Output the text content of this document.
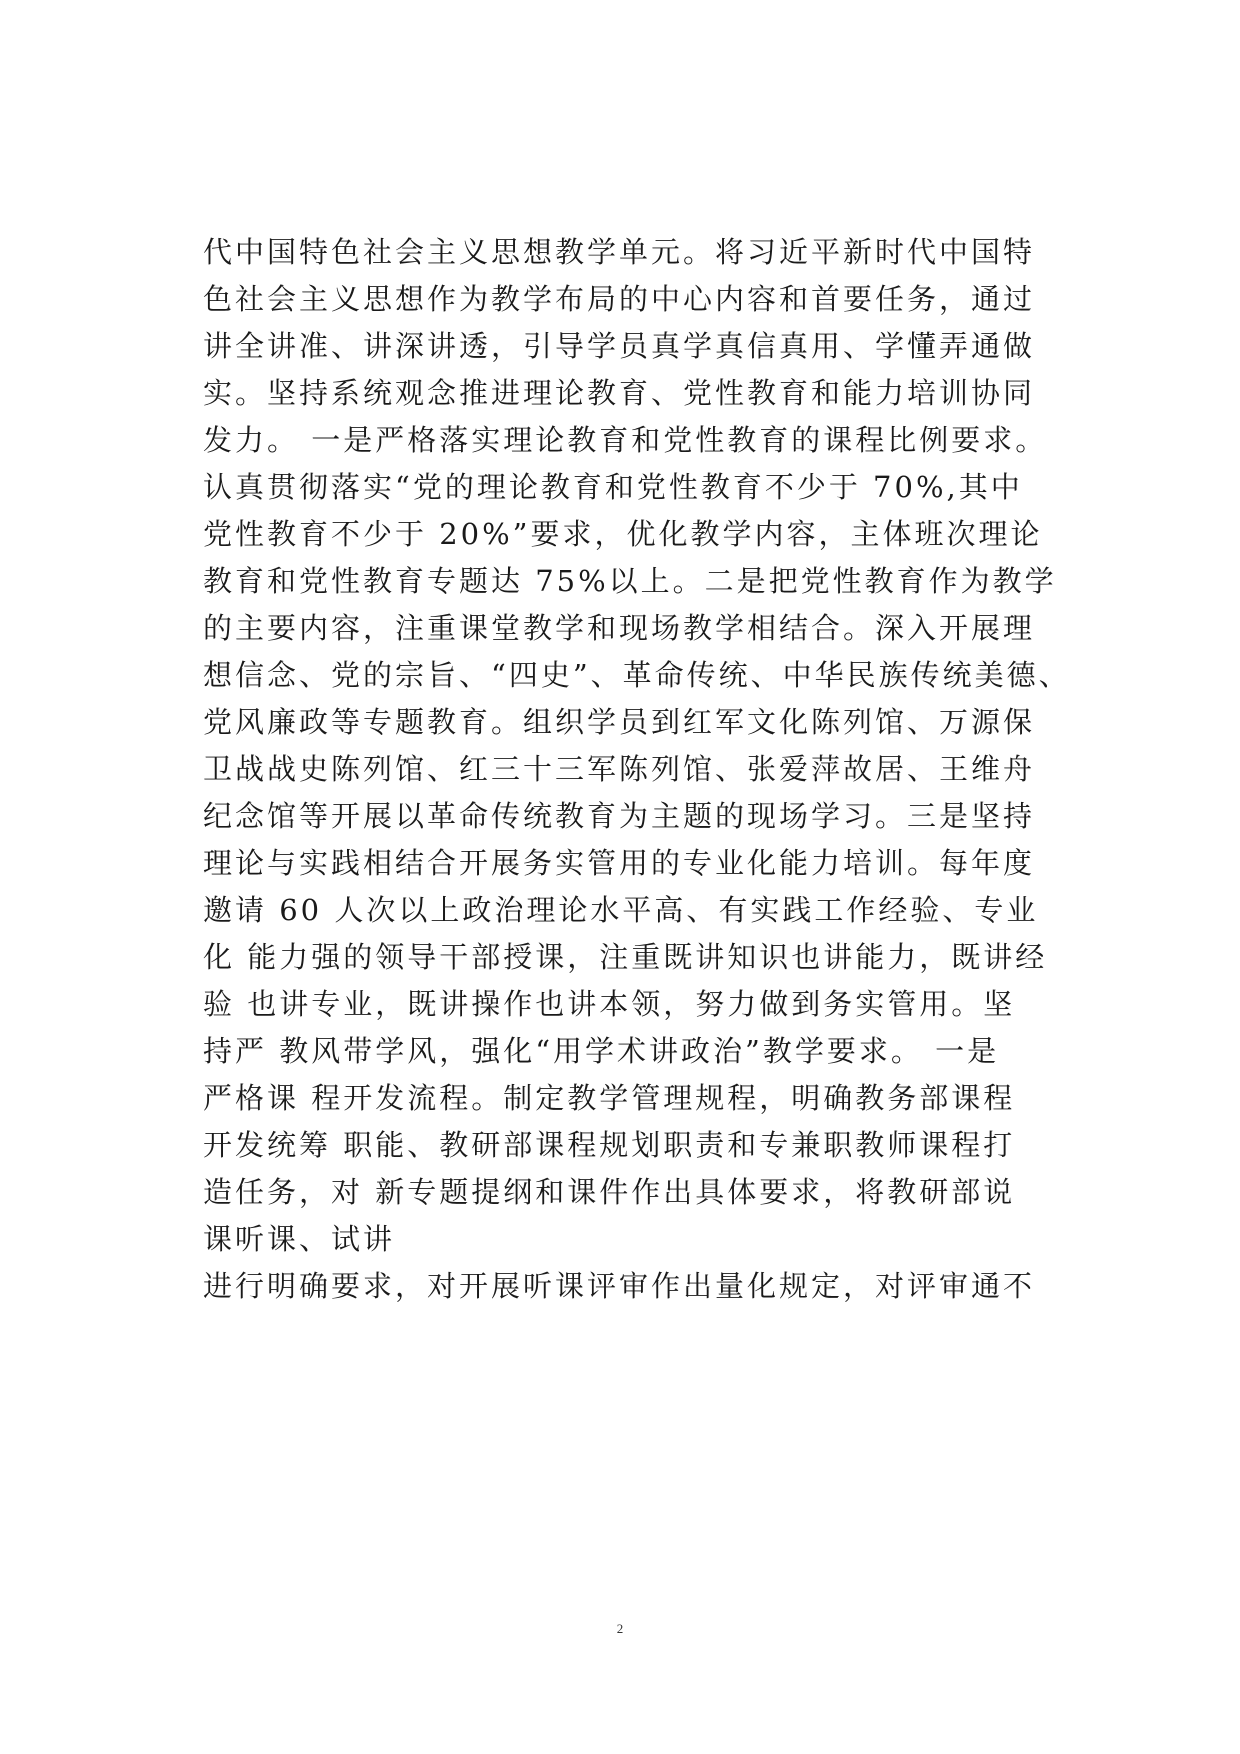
代中国特色社会主义思想教学单元。将习近平新时代中国特
色社会主义思想作为教学布局的中心内容和首要任务，通过
讲全讲准、讲深讲透，引导学员真学真信真用、学懂弄通做
实。坚持系统观念推进理论教育、党性教育和能力培训协同
发力。 一是严格落实理论教育和党性教育的课程比例要求。
认真贯彻落实“党的理论教育和党性教育不少于 70%,其中
党性教育不少于 20%”要求，优化教学内容，主体班次理论
教育和党性教育专题达 75%以上。二是把党性教育作为教学
的主要内容，注重课堂教学和现场教学相结合。深入开展理
想信念、党的宗旨、“四史”、革命传统、中华民族传统美德、
党风廉政等专题教育。组织学员到红军文化陈列馆、万源保
卫战战史陈列馆、红三十三军陈列馆、张爱萍故居、王维舟
纪念馆等开展以革命传统教育为主题的现场学习。三是坚持
理论与实践相结合开展务实管用的专业化能力培训。每年度
邀请 60 人次以上政治理论水平高、有实践工作经验、专业
化 能力强的领导干部授课，注重既讲知识也讲能力，既讲经
验 也讲专业，既讲操作也讲本领，努力做到务实管用。坚
持严 教风带学风，强化“用学术讲政治”教学要求。 一是
严格课 程开发流程。制定教学管理规程，明确教务部课程
开发统筹 职能、教研部课程规划职责和专兼职教师课程打
造任务，对 新专题提纲和课件作出具体要求，将教研部说
课听课、试讲
进行明确要求，对开展听课评审作出量化规定，对评审通不
2
